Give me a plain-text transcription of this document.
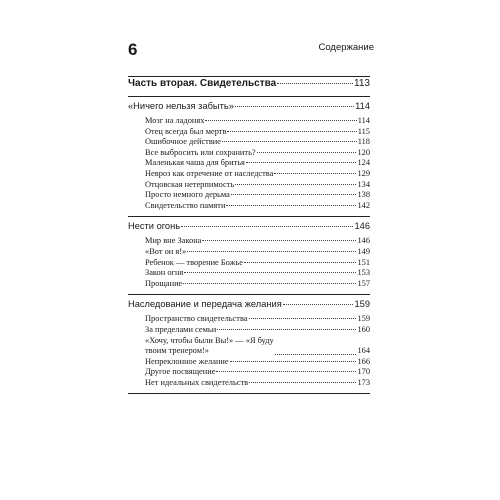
6	Содержание
Часть вторая. Свидетельства	113
«Ничего нельзя забыть»	114
Мозг на ладонях	114
Отец всегда был мертв	115
Ошибочное действие	118
Все выбросить или сохранить?	120
Маленькая чаша для бритья	124
Невроз как отречение от наследства	129
Отцовская нетерпимость	134
Просто немного дерьма	138
Свидетельство памяти	142
Нести огонь	146
Мир вне Закона	146
«Вот он я!»	149
Ребенок — творение Божье	151
Закон огня	153
Прощание	157
Наследование и передача желания	159
Пространство свидетельства	159
За пределами семьи	160
«Хочу, чтобы были Вы!» — «Я буду
твоим тренером!»	164
Непреклонное желание	166
Другое посвящение	170
Нет идеальных свидетельств	173
